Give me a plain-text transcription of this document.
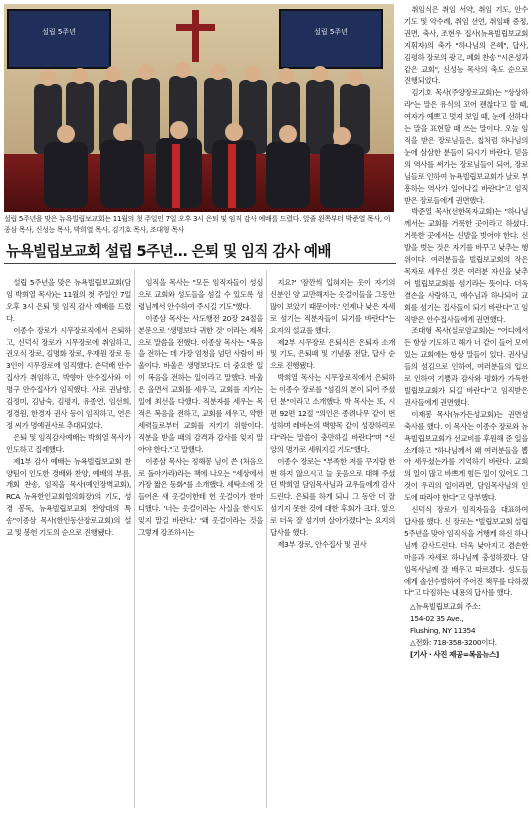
설립 5주년	설립 5주년
설립 5주년을 맞은 뉴욕빌립보교회는 11월의 첫 주일인 7일 오후 3시 은퇴 및 임직 감사 예배를 드렸다. 앞줄 왼쪽부터 박준열 목사, 이종삼 목사, 신성능 목사, 박희열 목사, 김기호 목사, 조대형 목사
뉴욕빌립보교회 설립 5주년… 은퇴 및 임직 감사 예배

설립 5주년을 맞은 뉴욕빌립보교회(담임 박희열 목사)는 11월의 첫 주일인 7일 오후 3시 은퇴 및 임직 감사 예배를 드렸다.

이종수 장로가 시무장로직에서 은퇴하고, 신덕식 장로가 시무장로에 취임하고, 권오식 장로, 김명화 장로, 우재원 장로 등 3인이 시무장로에 임직했다. 손덕배 안수집사가 취임하고, 박향아 안수집사와 이명구 안수집사가 임직했다. 사로 권남향, 김정미, 김남숙, 김평지, 유종연, 임선희, 정경원, 한경자 권사 등이 임직하고, 연은정 씨가 명예권사로 추대되었다.

은퇴 및 임직감사예배는 박희열 목사가 인도하고 집례했다.

제1부 감사 예배는 뉴욕빌립보교회 찬양팀이 인도한 경배와 찬양, 예배의 부름, 개회 찬송, 임직을 목사(예인장벽교회), RCA 뉴욕한인교회협의회장)의 기도, 성경 봉독, 뉴욕빌립보교회 찬양대의 특송"이종삼 목사(한인동산장로교회)의 설교 및 봉헌 기도의 순으로 진행됐다.

임직을 목사는 "모든 임직자들이 성심으로 교회와 성도들을 섬길 수 있도록 성령님께서 안수하여 주시길 기도"했다.

이종삼 목사는 사도행전 20장 24절을 본문으로 '생명보다 귀한 것' 이라는 제목으로 말씀을 전했다. 이종삼 목사는 "복음을 전하는 데 가장 엄청을 넘던 사람이 바울이다. 바울은 생명보다도 더 중요한 일이 복음을 전하는 일이라고 말했다. 바울은 올면서 교회를 세우고, 교회를 지키는 일에 최선을 다했다. 직분자를 세우는 목적은 복음을 전하고, 교회를 세우고, 약한 세력들로부터 교회를 지키기 위함이다. 직분을 받을 때의 감격과 감사를 잊지 말아야 한다."고 말했다.

이종삼 목사는 정해봉 님이 쓴 (처음으로 돌아가라)라는 책에 나오는 "세상에서 가장 짧은 동화"를 소개했다. 세탁소에 갓 들어온 새 옷걸이한테 헌 옷걸이가 한마디했다. '너는 옷걸이라는 사실을 한시도 잊지 말길 바란다.' '왜 옷걸이라는 것을 그렇게 강조하시는

지요?' '잠깐씩 입혀지는 옷이 자기의 신분인 양 교만해지는 옷걸이들을 그동안 많이 보았기 때문이야.' 언제나 낮은 자세로 섬기는 직분자들이 되기를 바란다"는 요지의 설교를 했다.

제2부 시무장로 은퇴식은 은퇴자 소개 및 기도, 은퇴패 및 기념품 전달, 답사 순으로 진행됐다.

박희열 목사는 시무장로직에서 은퇴하는 이종수 장로를 "섬김의 본이 되어 주셨던 분"이라고 소개했다. 박 목사는 또, 시편 92편 12절 "의인은 종려나무 같이 번성하며 레바논의 백향목 같이 성장하리로다"라는 말씀이 충만하길 바란다"며 "신앙의 명가로 세워지길 기도"했다.

이종수 장로는 "부족한 저를 꾸지람 한 번 하지 않으시고 늘 웃음으로 대해 주셨던 박희열 담임목사님과 교우들에게 감사드린다. 은퇴를 하게 되니 그 동안 더 잘 섬기지 못한 것에 대한 후회가 크다. 앞으로 더욱 잘 섬기며 살아가겠다"는 요지의 답사를 했다.

제3부 장로, 안수집사 및 권사

취임식은 취임 서약, 취임 기도, 안수 기도 및 악수례, 취임 선언, 취임패 증정, 권면, 축사, 조현우 집사(뉴욕빌립보교회 지휘자)의 축가 "하나님의 은혜", 답사, 김평하 장로의 광고, 폐회 찬송 "시온성과 같은 교회", 신성능 목사의 축도 순으로 진행되었다.

김기호 목사(주양장로교회)는 "상상하라"는 말은 유식의 꼬어 괜찮다고 할 때, 여자가 예쁘고 멋져 보일 때, 눈에 선하다는 말을 표현할 때 쓰는 말이다. 오늘 임직을 받은 장로님들은, 칩처럼 하나님의 눈에 삼삼한 분들이 되시기 바란다. 믿음의 역사를 써가는 장로님들이 되어, 장로님들로 인하여 뉴욕빌립보교회가 날로 부흥하는 역사가 일어나길 바란다"고 임직받은 장로들에게 권면했다.

박준열 목사(선한목자교회)는 "하나님께서는 교회를 거룩한 곳이라고 하셨다. 거룩한 곳에서는 신발을 벗어야 한다. 신발을 벗는 것은 자기를 바꾸고 낮추는 행위이다. 여러분들을 빌립보교회의 작은 목자로 세우신 것은 여러분 자신을 낮추어 빌립보교회를 섬기라는 뜻이다. 더욱 겸손을 사랑하고, 예수님과 하나되어 교회를 섬기는 집사들이 되기 바란다"고 임직받은 안수집사들에게 권면했다.

조대형 목사(실로암교회)는 "어디에서든 항상 기도하고 해가 너 같이 들어 모여 있는 교회에는 항상 말들이 있다. 권사님들의 섬김으로 인하여, 여러분들의 입으로 인하여 기쁨과 감사와 평화가 가득한 빌립보교회가 되길 바란다"고 임직받은 권사들에게 권면했다.

이재봉 목사(뉴가든성교회)는 권면성 축사를 했다. 이 목사는 이종수 장로와 뉴욕빌립보교회가 선교비를 후원해 준 일을 소개하고 "하나님께서 왜 여러분들을 뽑아 세우셨는가를 기억하기 바란다. 교회의 일이 많고 바쁘게 힘든 일이 있어도 그것이 우리의 일이라면, 담임목사님의 인도에 따라야 한다"고 당부했다.

신덕식 장로가 임직자들을 대표하여 답사를 했다. 신 장로는 "빌립보교회 설립 5주년을 맞아 임직식을 거행케 하신 하나님께 감사드린다. 더욱 낮아지고 겸손한 마음과 자세로 하나님께 충성하겠다. 담임목사님께 잘 배우고 따르겠다. 성도들에게 솔선수범하여 주어진 책무를 다하겠다"고 다짐하는 내용의 답사를 했다.

△뉴욕빌립보교회 주소:
154-02 35 Ave.,
Flushing, NY 11354
△전화: 718-358-3200이다.
[기사 · 사진 제공=복음뉴스]
